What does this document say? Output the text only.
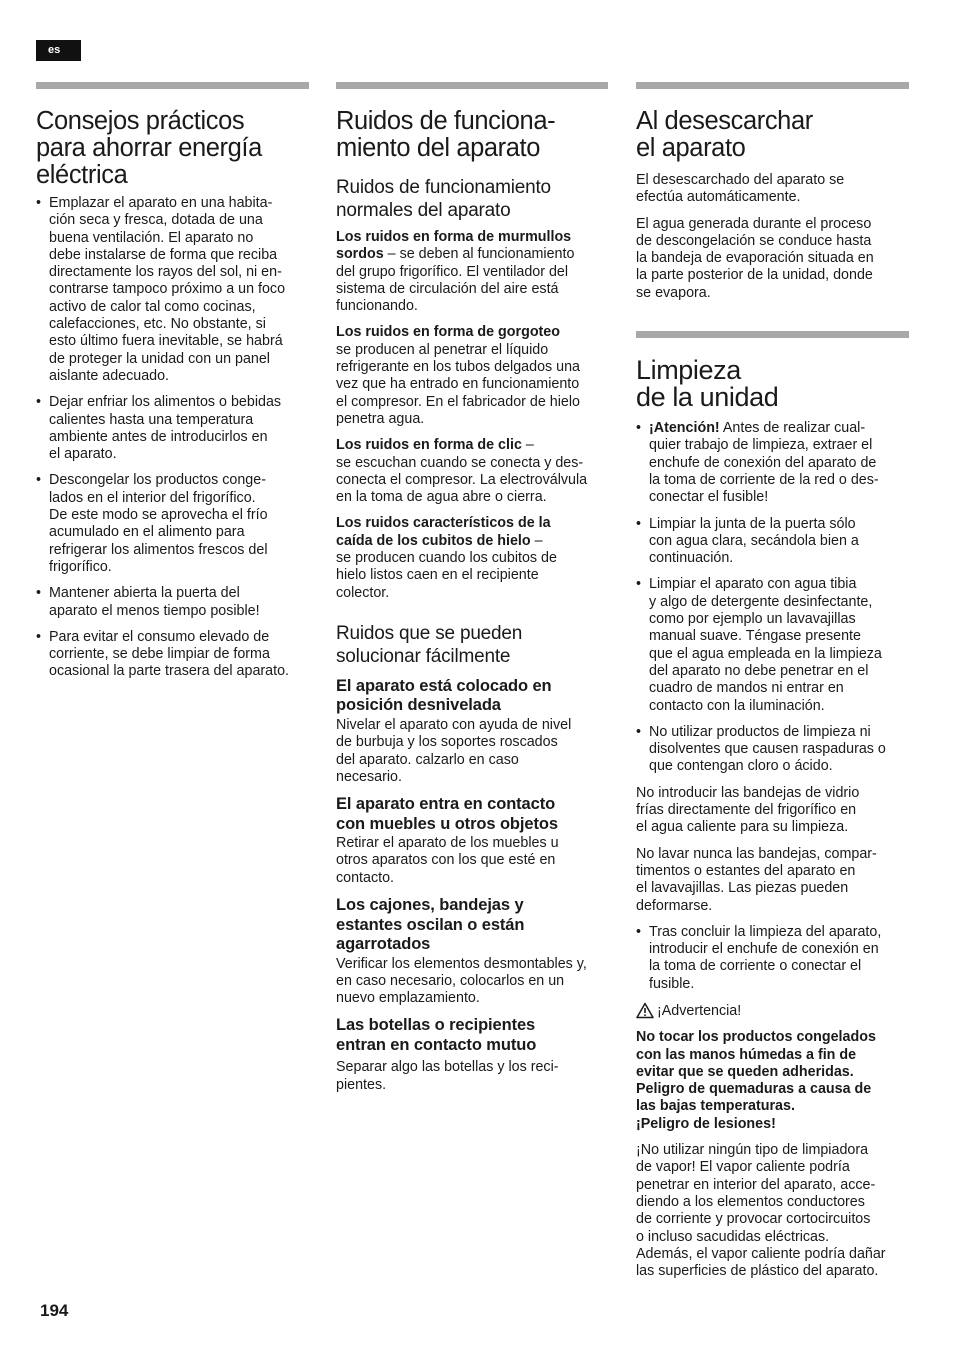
es
Consejos prácticos
para ahorrar energía
eléctrica
• Emplazar el aparato en una habita-
ción seca y fresca, dotada de una
buena ventilación. El aparato no
debe instalarse de forma que reciba
directamente los rayos del sol, ni en-
contrarse tampoco próximo a un foco
activo de calor tal como cocinas,
calefacciones, etc. No obstante, si
esto último fuera inevitable, se habrá
de proteger la unidad con un panel
aislante adecuado.
• Dejar enfriar los alimentos o bebidas
calientes hasta una temperatura
ambiente antes de introducirlos en
el aparato.
• Descongelar los productos conge-
lados en el interior del frigorífico.
De este modo se aprovecha el frío
acumulado en el alimento para
refrigerar los alimentos frescos del
frigorífico.
• Mantener abierta la puerta del
aparato el menos tiempo posible!
• Para evitar el consumo elevado de
corriente, se debe limpiar de forma
ocasional la parte trasera del aparato.
Ruidos de funciona-
miento del aparato
Ruidos de funcionamiento
normales del aparato

Los ruidos en forma de murmullos
sordos – se deben al funcionamiento
del grupo frigorífico. El ventilador del
sistema de circulación del aire está
funcionando.

Los ruidos en forma de gorgoteo
se producen al penetrar el líquido
refrigerante en los tubos delgados una
vez que ha entrado en funcionamiento
el compresor. En el fabricador de hielo
penetra agua.

Los ruidos en forma de clic –
se escuchan cuando se conecta y des-
conecta el compresor. La electroválvula
en la toma de agua abre o cierra.

Los ruidos característicos de la
caída de los cubitos de hielo –
se producen cuando los cubitos de
hielo listos caen en el recipiente
colector.

Ruidos que se pueden
solucionar fácilmente
El aparato está colocado en
posición desnivelada

Nivelar el aparato con ayuda de nivel
de burbuja y los soportes roscados
del aparato. calzarlo en caso
necesario.

El aparato entra en contacto
con muebles u otros objetos

Retirar el aparato de los muebles u
otros aparatos con los que esté en
contacto.

Los cajones, bandejas y
estantes oscilan o están
agarrotados

Verificar los elementos desmontables y,
en caso necesario, colocarlos en un
nuevo emplazamiento.

Las botellas o recipientes
entran en contacto mutuo

Separar algo las botellas y los reci-
pientes.

Al desescarchar
el aparato

El desescarchado del aparato se
efectúa automáticamente.

El agua generada durante el proceso
de descongelación se conduce hasta
la bandeja de evaporación situada en
la parte posterior de la unidad, donde
se evapora.

Limpieza
de la unidad
• ¡Atención! Antes de realizar cual-
quier trabajo de limpieza, extraer el
enchufe de conexión del aparato de
la toma de corriente de la red o des-
conectar el fusible!
• Limpiar la junta de la puerta sólo
con agua clara, secándola bien a
continuación.
• Limpiar el aparato con agua tibia
y algo de detergente desinfectante,
como por ejemplo un lavavajillas
manual suave. Téngase presente
que el agua empleada en la limpieza
del aparato no debe penetrar en el
cuadro de mandos ni entrar en
contacto con la iluminación.
• No utilizar productos de limpieza ni
disolventes que causen raspaduras o
que contengan cloro o ácido.

No introducir las bandejas de vidrio
frías directamente del frigorífico en
el agua caliente para su limpieza.

No lavar nunca las bandejas, compar-
timentos o estantes del aparato en
el lavavajillas. Las piezas pueden
deformarse.

• Tras concluir la limpieza del aparato,
introducir el enchufe de conexión en
la toma de corriente o conectar el
fusible.
¡Advertencia!

No tocar los productos congelados
con las manos húmedas a fin de
evitar que se queden adheridas.
Peligro de quemaduras a causa de
las bajas temperaturas.
¡Peligro de lesiones!

¡No utilizar ningún tipo de limpiadora
de vapor! El vapor caliente podría
penetrar en interior del aparato, acce-
diendo a los elementos conductores
de corriente y provocar cortocircuitos
o incluso sacudidas eléctricas.
Además, el vapor caliente podría dañar
las superficies de plástico del aparato.

194
